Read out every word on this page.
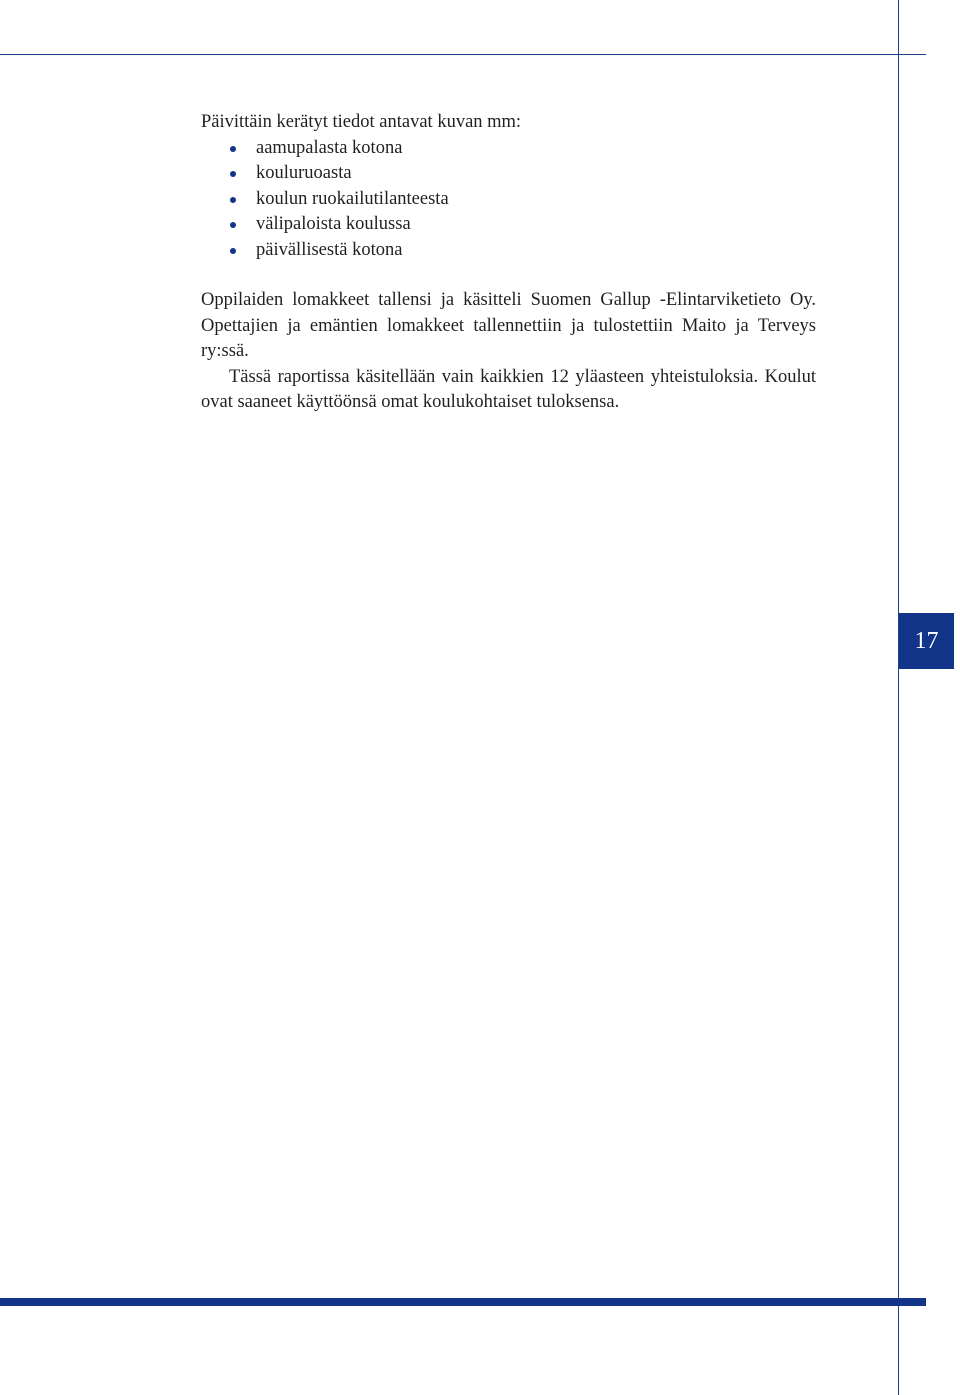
17

Päivittäin kerätyt tiedot antavat kuvan mm:

aamupalasta kotona
kouluruoasta
koulun ruokailutilanteesta
välipaloista koulussa
päivällisestä kotona

Oppilaiden lomakkeet tallensi ja käsitteli Suomen Gallup -Elintarviketieto Oy. Opettajien ja emäntien lomakkeet tallennettiin ja tulostettiin Maito ja Terveys ry:ssä.

Tässä raportissa käsitellään vain kaikkien 12 yläasteen yhteistuloksia. Koulut ovat saaneet käyttöönsä omat koulukohtaiset tuloksensa.
